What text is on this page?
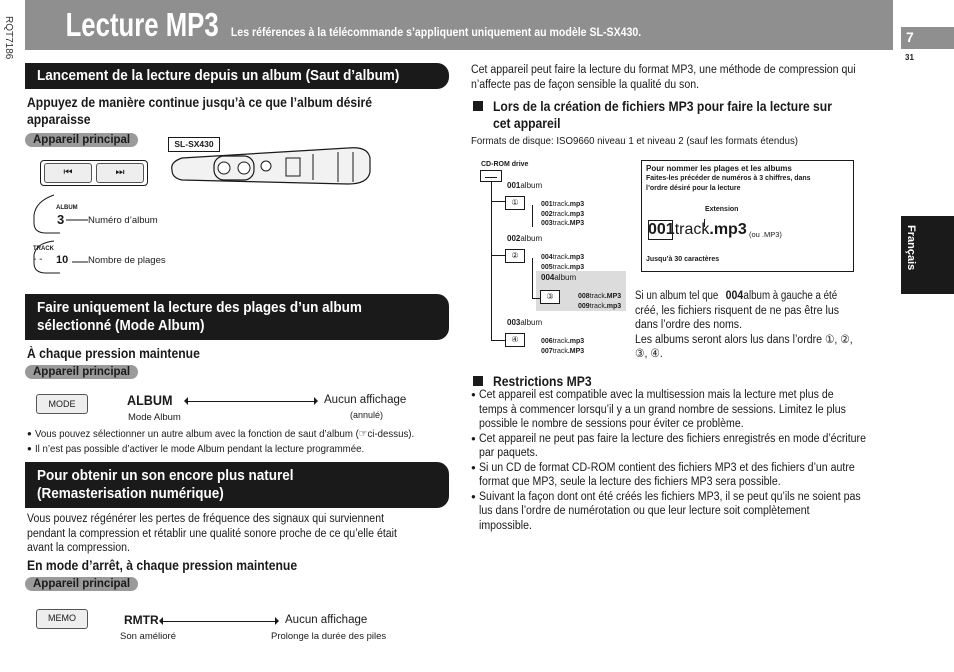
Lecture MP3 Les références à la télécommande s’appliquent uniquement au modèle SL-SX430.
RQT7186	7
31
Français
Lancement de la lecture depuis un album (Saut d’album)
Appuyez de manière continue jusqu’à ce que l’album désiré
apparaisse
Appareil principal	SL-SX430
⏮	⏭
ALBUM
3	Numéro d’album
TRACK
- - 10 Nombre de plages
Faire uniquement la lecture des plages d’un album
sélectionné (Mode Album)
À chaque pression maintenue
Appareil principal
MODE	ALBUM
Mode Album
Aucun affichage
(annulé)
● Vous pouvez sélectionner un autre album avec la fonction de saut d’album (☞ci-dessus).
● Il n’est pas possible d’activer le mode Album pendant la lecture programmée.
Pour obtenir un son encore plus naturel
(Remasterisation numérique)
Vous pouvez régénérer les pertes de fréquence des signaux qui surviennent
pendant la compression et rétablir une qualité sonore proche de ce qu’elle était
avant la compression.
En mode d’arrêt, à chaque pression maintenue
Appareil principal
MEMO	RMTR
Son amélioré
Aucun affichage
Prolonge la durée des piles
Cet appareil peut faire la lecture du format MP3, une méthode de compression qui
n’affecte pas de façon sensible la qualité du son.
Lors de la création de fichiers MP3 pour faire la lecture sur
cet appareil
Formats de disque: ISO9660 niveau 1 et niveau 2 (sauf les formats étendus)
CD-ROM drive
001album
①	001track.mp3
002track.mp3
003track.MP3
002album
②	004track.mp3
005track.mp3
004album
③	008track.MP3
009track.mp3
003album
④	006track.mp3
007track.MP3
Pour nommer les plages et les albums
Faites-les précéder de numéros à 3 chiffres, dans
l’ordre désiré pour la lecture
Extension
001track.mp3 (ou .MP3)
Jusqu’à 30 caractères
Si un album tel que004album à gauche a été
créé, les fichiers risquent de ne pas être lus
dans l’ordre des noms.
Les albums seront alors lus dans l’ordre ①, ②,
③, ④.
Restrictions MP3
● Cet appareil est compatible avec la multisession mais la lecture met plus de
temps à commencer lorsqu’il y a un grand nombre de sessions. Limitez le plus
possible le nombre de sessions pour éviter ce problème.
● Cet appareil ne peut pas faire la lecture des fichiers enregistrés en mode d’écriture
par paquets.
● Si un CD de format CD-ROM contient des fichiers MP3 et des fichiers d’un autre
format que MP3, seule la lecture des fichiers MP3 sera possible.
● Suivant la façon dont ont été créés les fichiers MP3, il se peut qu’ils ne soient pas
lus dans l’ordre de numérotation ou que leur lecture soit complètement
impossible.
